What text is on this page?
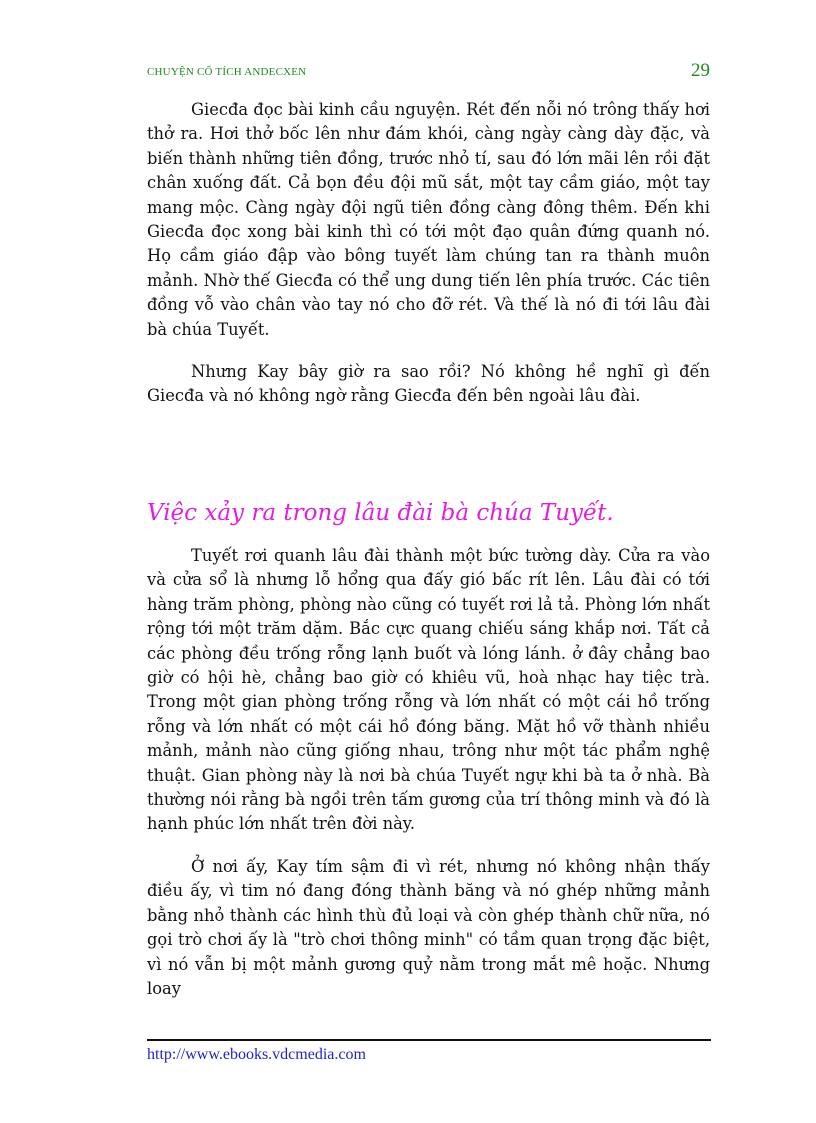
CHUYỆN CỔ TÍCH ANDECXEN	29

Giecđa đọc bài kinh cầu nguyện. Rét đến nỗi nó trông thấy hơi thở ra. Hơi thở bốc lên như đám khói, càng ngày càng dày đặc, và biến thành những tiên đồng, trước nhỏ tí, sau đó lớn mãi lên rồi đặt chân xuống đất. Cả bọn đều đội mũ sắt, một tay cầm giáo, một tay mang mộc. Càng ngày đội ngũ tiên đồng càng đông thêm. Đến khi Giecđa đọc xong bài kinh thì có tới một đạo quân đứng quanh nó. Họ cầm giáo đập vào bông tuyết làm chúng tan ra thành muôn mảnh. Nhờ thế Giecđa có thể ung dung tiến lên phía trước. Các tiên đồng vỗ vào chân vào tay nó cho đỡ rét. Và thế là nó đi tới lâu đài bà chúa Tuyết.

Nhưng Kay bây giờ ra sao rồi? Nó không hề nghĩ gì đến Giecđa và nó không ngờ rằng Giecđa đến bên ngoài lâu đài.

Việc xảy ra trong lâu đài bà chúa Tuyết.

Tuyết rơi quanh lâu đài thành một bức tường dày. Cửa ra vào và cửa sổ là nhưng lỗ hổng qua đấy gió bấc rít lên. Lâu đài có tới hàng trăm phòng, phòng nào cũng có tuyết rơi lả tả. Phòng lớn nhất rộng tới một trăm dặm. Bắc cực quang chiếu sáng khắp nơi. Tất cả các phòng đều trống rỗng lạnh buốt và lóng lánh. ở đây chẳng bao giờ có hội hè, chẳng bao giờ có khiêu vũ, hoà nhạc hay tiệc trà. Trong một gian phòng trống rỗng và lớn nhất có một cái hồ trống rỗng và lớn nhất có một cái hồ đóng băng. Mặt hồ vỡ thành nhiều mảnh, mảnh nào cũng giống nhau, trông như một tác phẩm nghệ thuật. Gian phòng này là nơi bà chúa Tuyết ngự khi bà ta ở nhà. Bà thường nói rằng bà ngồi trên tấm gương của trí thông minh và đó là hạnh phúc lớn nhất trên đời này.

Ở nơi ấy, Kay tím sậm đi vì rét, nhưng nó không nhận thấy điều ấy, vì tim nó đang đóng thành băng và nó ghép những mảnh bằng nhỏ thành các hình thù đủ loại và còn ghép thành chữ nữa, nó gọi trò chơi ấy là "trò chơi thông minh" có tầm quan trọng đặc biệt, vì nó vẫn bị một mảnh gương quỷ nằm trong mắt mê hoặc. Nhưng loay

http://www.ebooks.vdcmedia.com
